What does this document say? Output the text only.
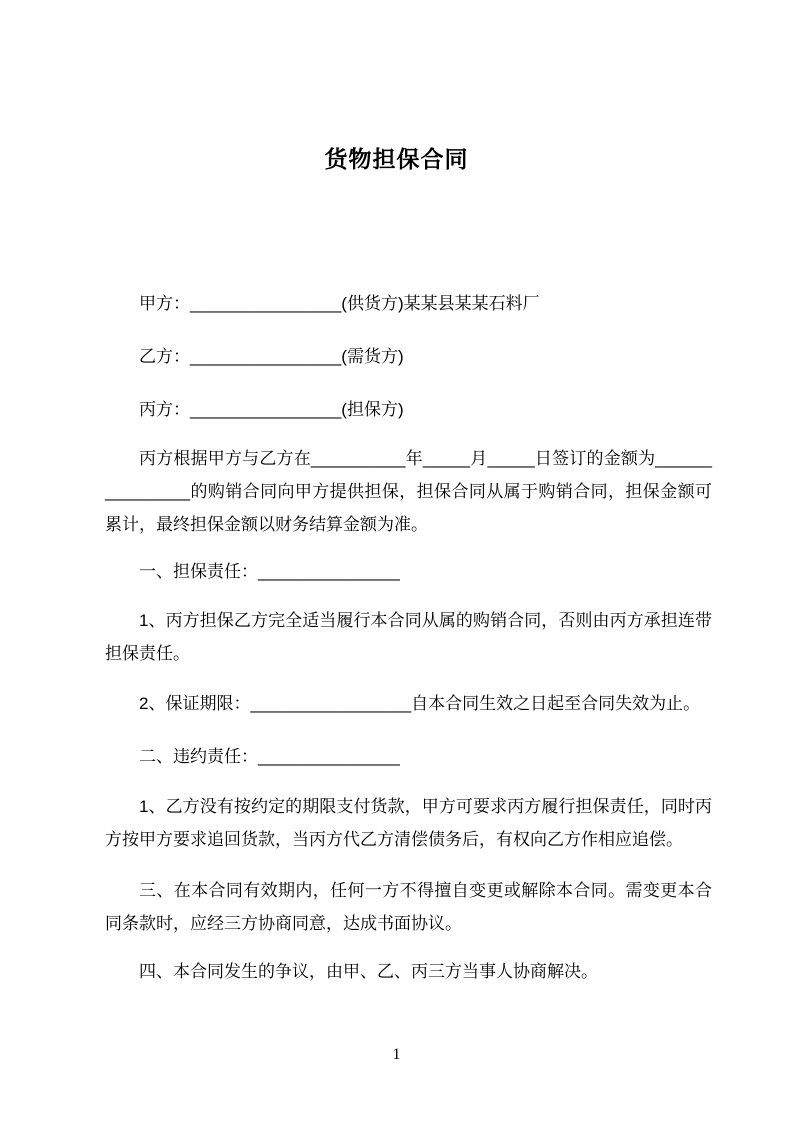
货物担保合同

甲方：________________(供货方)某某县某某石料厂

乙方：________________(需货方)

丙方：________________(担保方)

丙方根据甲方与乙方在__________年_____月_____日签订的金额为_______________的购销合同向甲方提供担保，担保合同从属于购销合同，担保金额可累计，最终担保金额以财务结算金额为准。

一、担保责任：_______________

1、丙方担保乙方完全适当履行本合同从属的购销合同，否则由丙方承担连带担保责任。

2、保证期限：_________________自本合同生效之日起至合同失效为止。

二、违约责任：_______________

1、乙方没有按约定的期限支付货款，甲方可要求丙方履行担保责任，同时丙方按甲方要求追回货款，当丙方代乙方清偿债务后，有权向乙方作相应追偿。

三、在本合同有效期内，任何一方不得擅自变更或解除本合同。需变更本合同条款时，应经三方协商同意，达成书面协议。

四、本合同发生的争议，由甲、乙、丙三方当事人协商解决。

1
